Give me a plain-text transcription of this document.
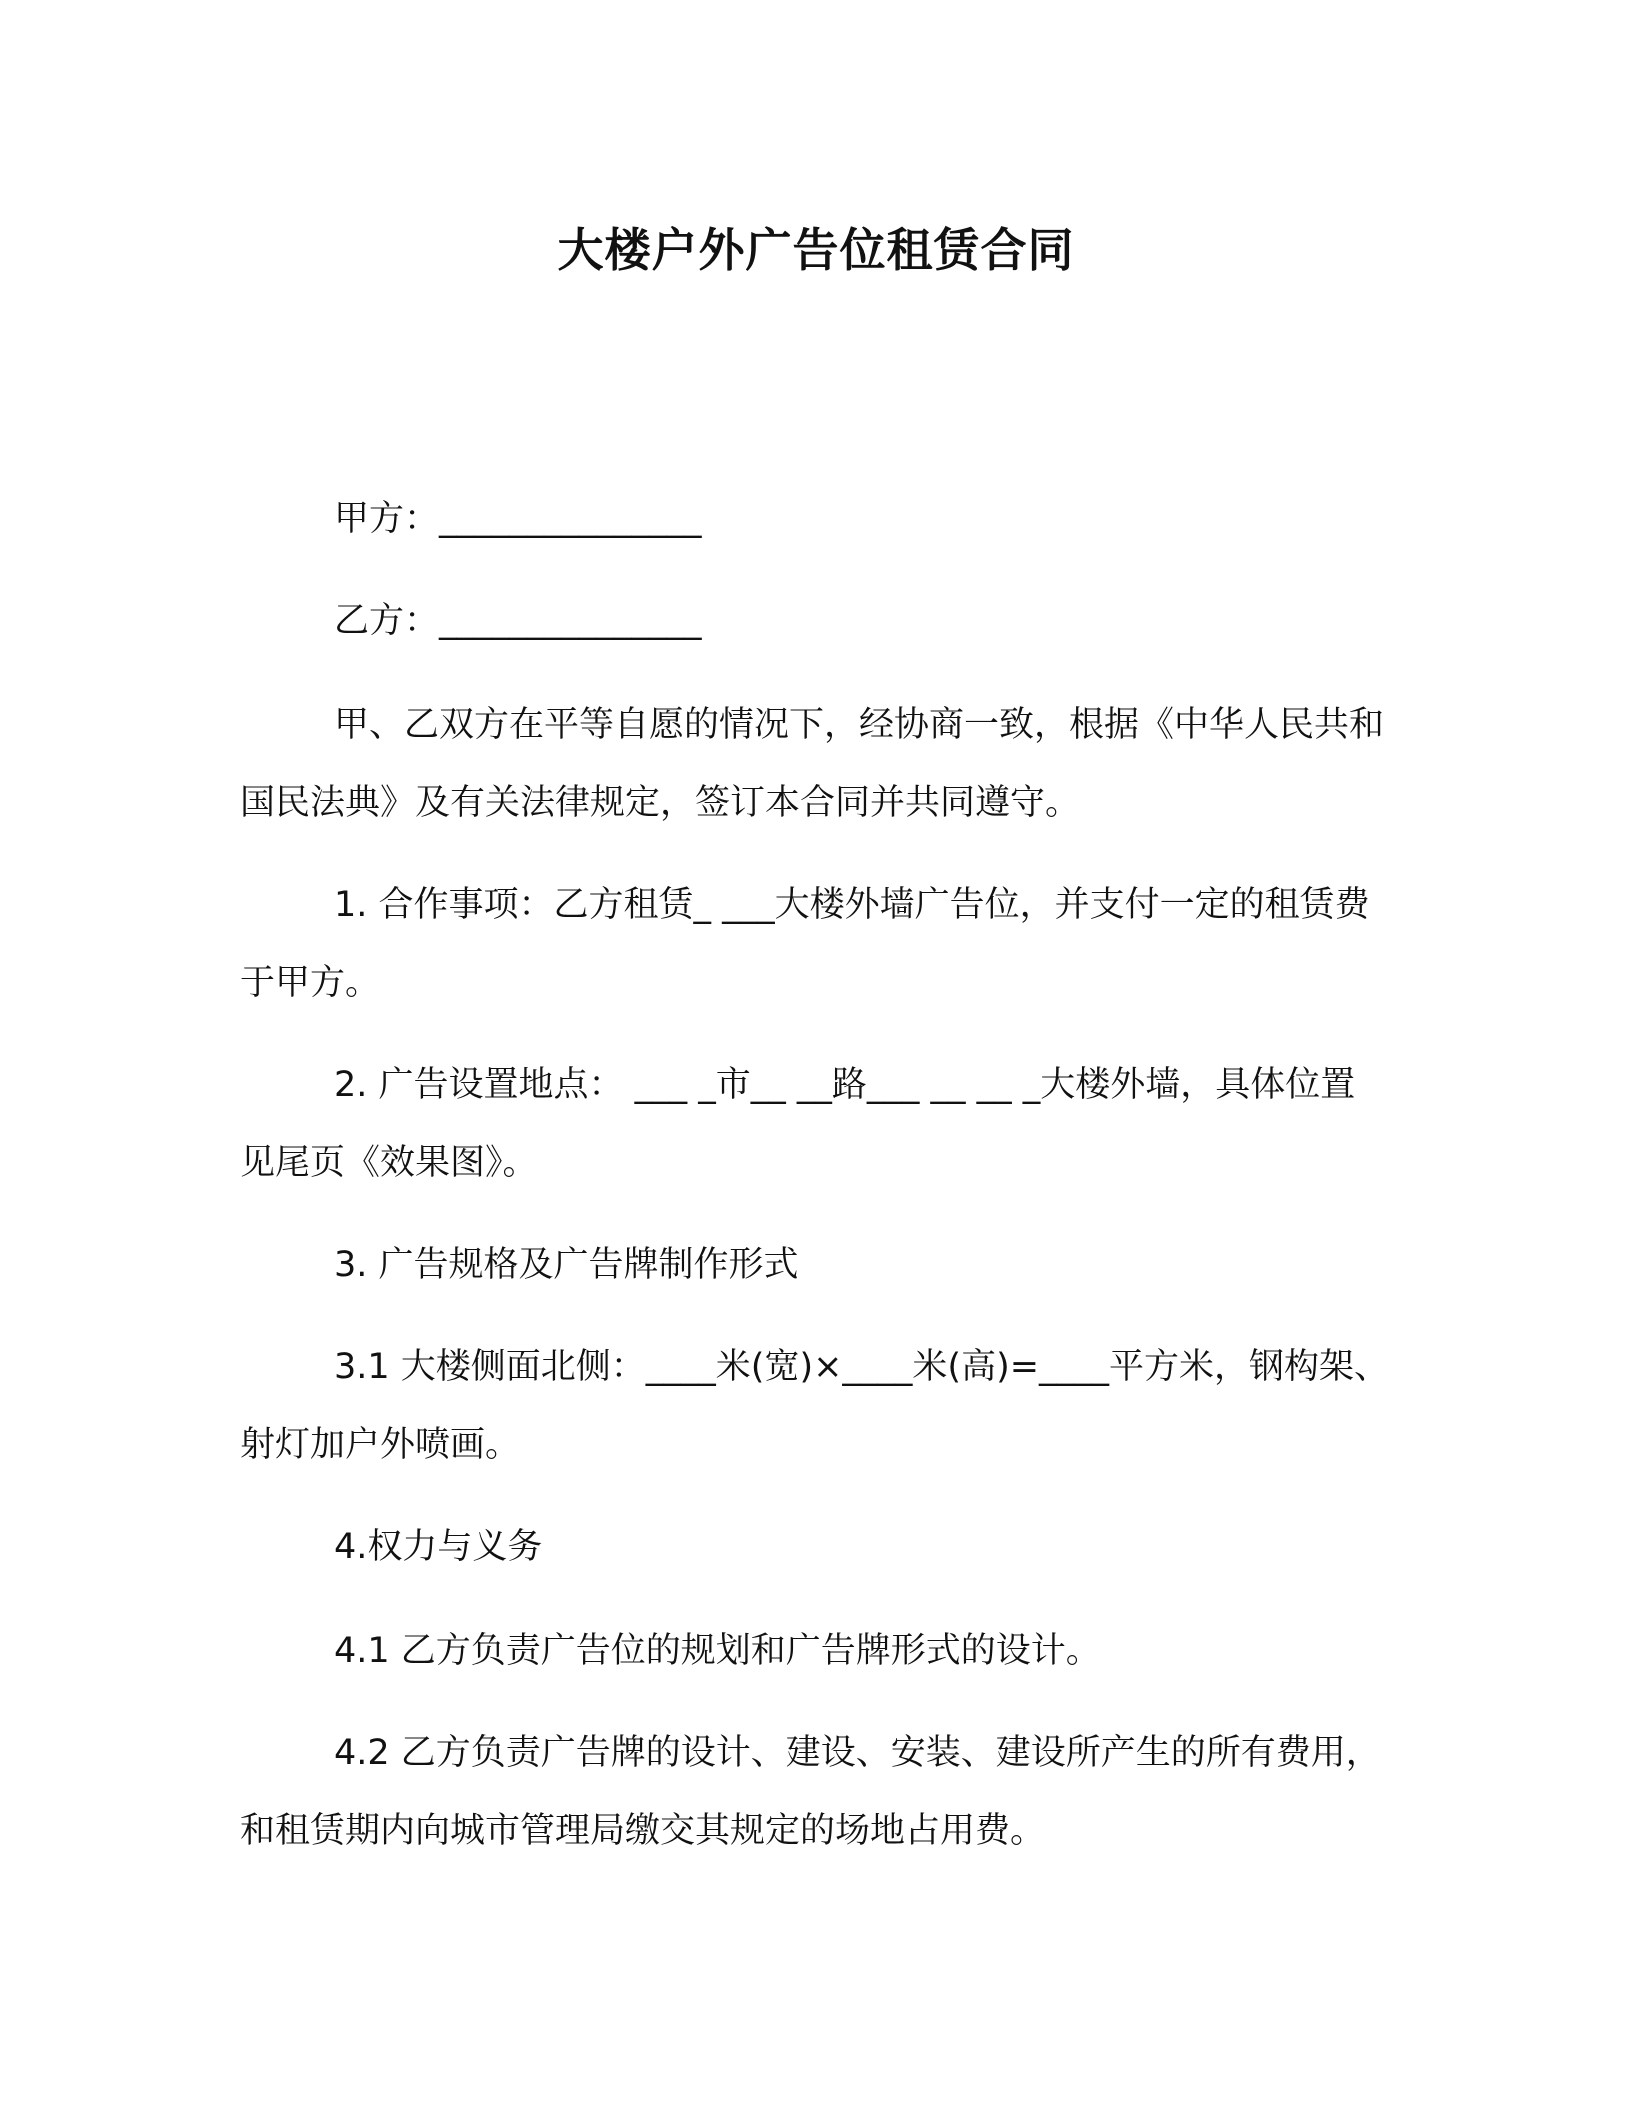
大楼户外广告位租赁合同

甲方：_______________

乙方：_______________

甲、乙双方在平等自愿的情况下，经协商一致，根据《中华人民共和国民法典》及有关法律规定，签订本合同并共同遵守。

1. 合作事项：乙方租赁_ ___大楼外墙广告位，并支付一定的租赁费于甲方。

2. 广告设置地点： ___ _市__ __路___ __ __ _大楼外墙，具体位置见尾页《效果图》。

3. 广告规格及广告牌制作形式

3.1 大楼侧面北侧：____米(宽)×____米(高)=____平方米，钢构架、射灯加户外喷画。

4.权力与义务

4.1 乙方负责广告位的规划和广告牌形式的设计。

4.2 乙方负责广告牌的设计、建设、安装、建设所产生的所有费用，和租赁期内向城市管理局缴交其规定的场地占用费。
